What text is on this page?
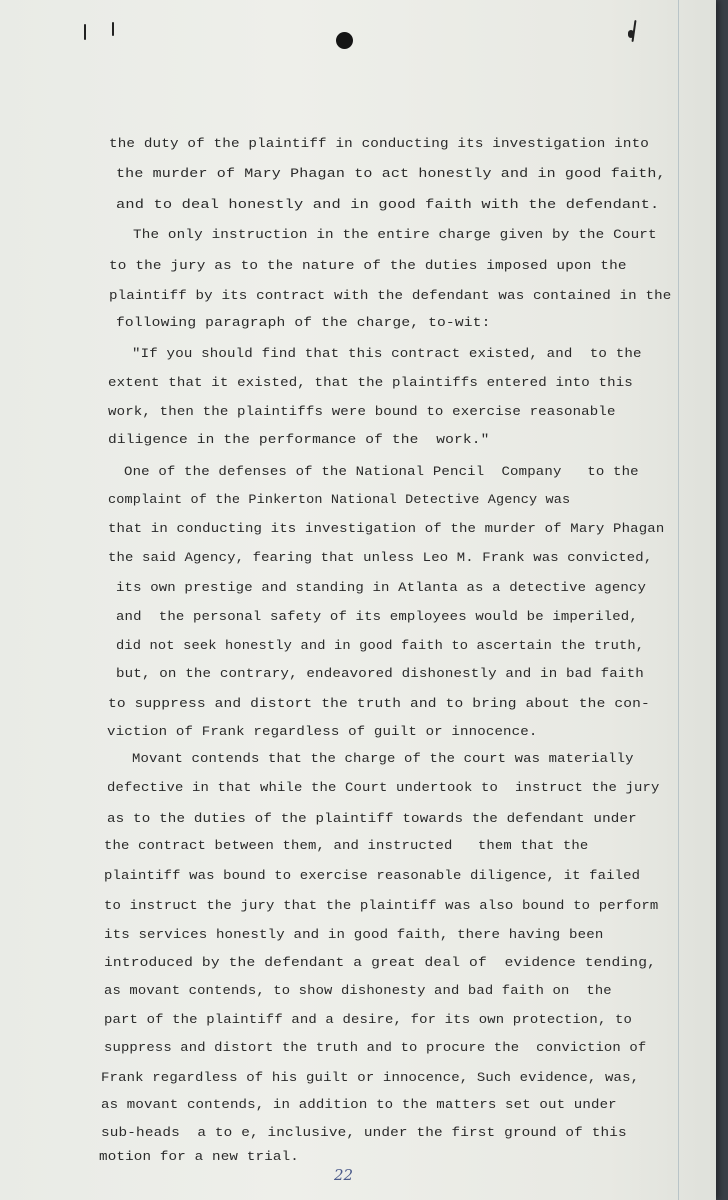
the duty of the plaintiff in conducting its investigation into
the murder of Mary Phagan to act honestly and in good faith,
and to deal honestly and in good faith with the defendant.
The only instruction in the entire charge given by the Court
to the jury as to the nature of the duties imposed upon the
plaintiff by its contract with the defendant was contained in the
following paragraph of the charge, to-wit:
"If you should find that this contract existed, and  to the
extent that it existed, that the plaintiffs entered into this
work, then the plaintiffs were bound to exercise reasonable
diligence in the performance of the  work."
One of the defenses of the National Pencil  Company   to the
complaint of the Pinkerton National Detective Agency was
that in conducting its investigation of the murder of Mary Phagan
the said Agency, fearing that unless Leo M. Frank was convicted,
its own prestige and standing in Atlanta as a detective agency
and  the personal safety of its employees would be imperiled,
did not seek honestly and in good faith to ascertain the truth,
but, on the contrary, endeavored dishonestly and in bad faith
to suppress and distort the truth and to bring about the con-
viction of Frank regardless of guilt or innocence.
Movant contends that the charge of the court was materially
defective in that while the Court undertook to  instruct the jury
as to the duties of the plaintiff towards the defendant under
the contract between them, and instructed   them that the
plaintiff was bound to exercise reasonable diligence, it failed
to instruct the jury that the plaintiff was also bound to perform
its services honestly and in good faith, there having been
introduced by the defendant a great deal of  evidence tending,
as movant contends, to show dishonesty and bad faith on  the
part of the plaintiff and a desire, for its own protection, to
suppress and distort the truth and to procure the  conviction of
Frank regardless of his guilt or innocence, Such evidence, was,
as movant contends, in addition to the matters set out under
sub-heads  a to e, inclusive, under the first ground of this
motion for a new trial.
22
